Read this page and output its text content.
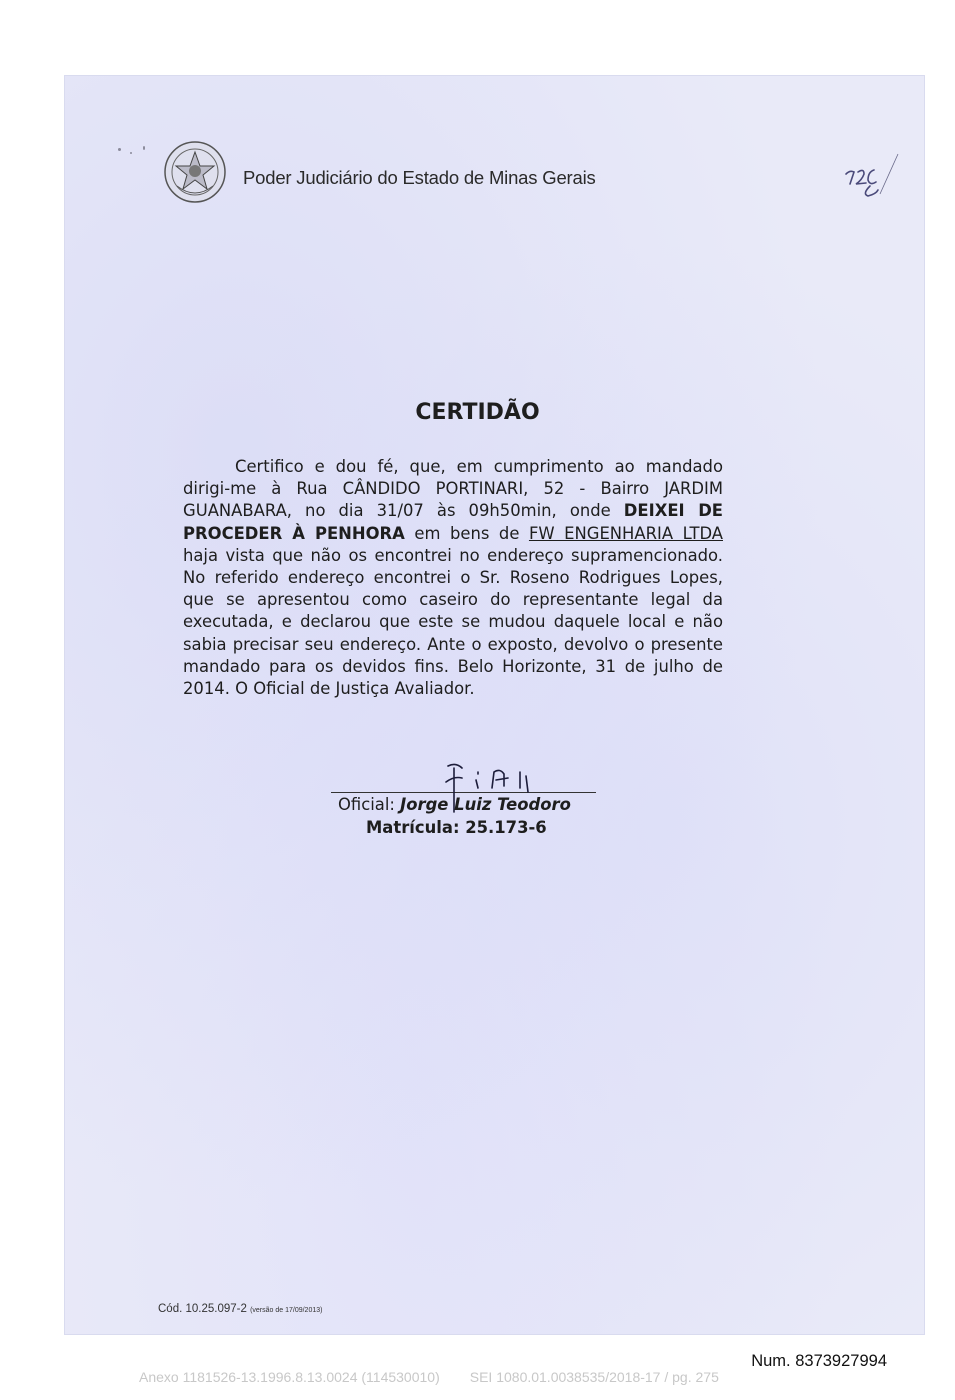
Poder Judiciário do Estado de Minas Gerais
CERTIDÃO
Certifico e dou fé, que, em cumprimento ao mandado dirigi-me à Rua CÂNDIDO PORTINARI, 52 - Bairro JARDIM GUANABARA, no dia 31/07 às 09h50min, onde DEIXEI DE PROCEDER À PENHORA em bens de FW ENGENHARIA LTDA haja vista que não os encontrei no endereço supramencionado. No referido endereço encontrei o Sr. Roseno Rodrigues Lopes, que se apresentou como caseiro do representante legal da executada, e declarou que este se mudou daquele local e não sabia precisar seu endereço. Ante o exposto, devolvo o presente mandado para os devidos fins. Belo Horizonte, 31 de julho de 2014. O Oficial de Justiça Avaliador.
Oficial: Jorge Luiz Teodoro
Matrícula: 25.173-6
Cód. 10.25.097-2 (versão de 17/09/2013)
Num. 8373927994
Anexo 1181526-13.1996.8.13.0024 (114530010) SEI 1080.01.0038535/2018-17 / pg. 275
